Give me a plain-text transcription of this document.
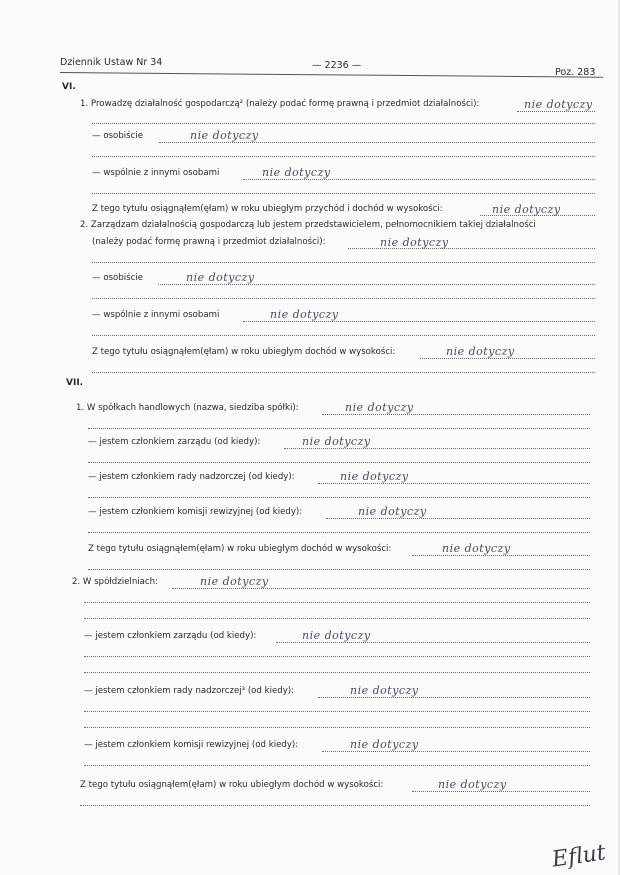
Dziennik Ustaw Nr 34	— 2236 —
Poz. 283
VI.
1. Prowadzę działalność gospodarczą² (należy podać formę prawną i przedmiot działalności):	nie dotyczy
— osobiście	nie dotyczy
— wspólnie z innymi osobami	nie dotyczy
Z tego tytułu osiągnąłem(ęłam) w roku ubiegłym przychód i dochód w wysokości:	nie dotyczy
2. Zarządzam działalnością gospodarczą lub jestem przedstawicielem, pełnomocnikiem takiej działalności
(należy podać formę prawną i przedmiot działalności):	nie dotyczy
— osobiście	nie dotyczy
— wspólnie z innymi osobami	nie dotyczy
Z tego tytułu osiągnąłem(ęłam) w roku ubiegłym dochód w wysokości:	nie dotyczy
VII.
1. W spółkach handlowych (nazwa, siedziba spółki):	nie dotyczy
— jestem członkiem zarządu (od kiedy):	nie dotyczy
— jestem członkiem rady nadzorczej (od kiedy):	nie dotyczy
— jestem członkiem komisji rewizyjnej (od kiedy):	nie dotyczy
Z tego tytułu osiągnąłem(ęłam) w roku ubiegłym dochód w wysokości:	nie dotyczy
2. W spółdzielniach:	nie dotyczy
— jestem członkiem zarządu (od kiedy):	nie dotyczy
— jestem członkiem rady nadzorczej³ (od kiedy):	nie dotyczy
— jestem członkiem komisji rewizyjnej (od kiedy):	nie dotyczy
Z tego tytułu osiągnąłem(ęłam) w roku ubiegłym dochód w wysokości:	nie dotyczy
Eflut
